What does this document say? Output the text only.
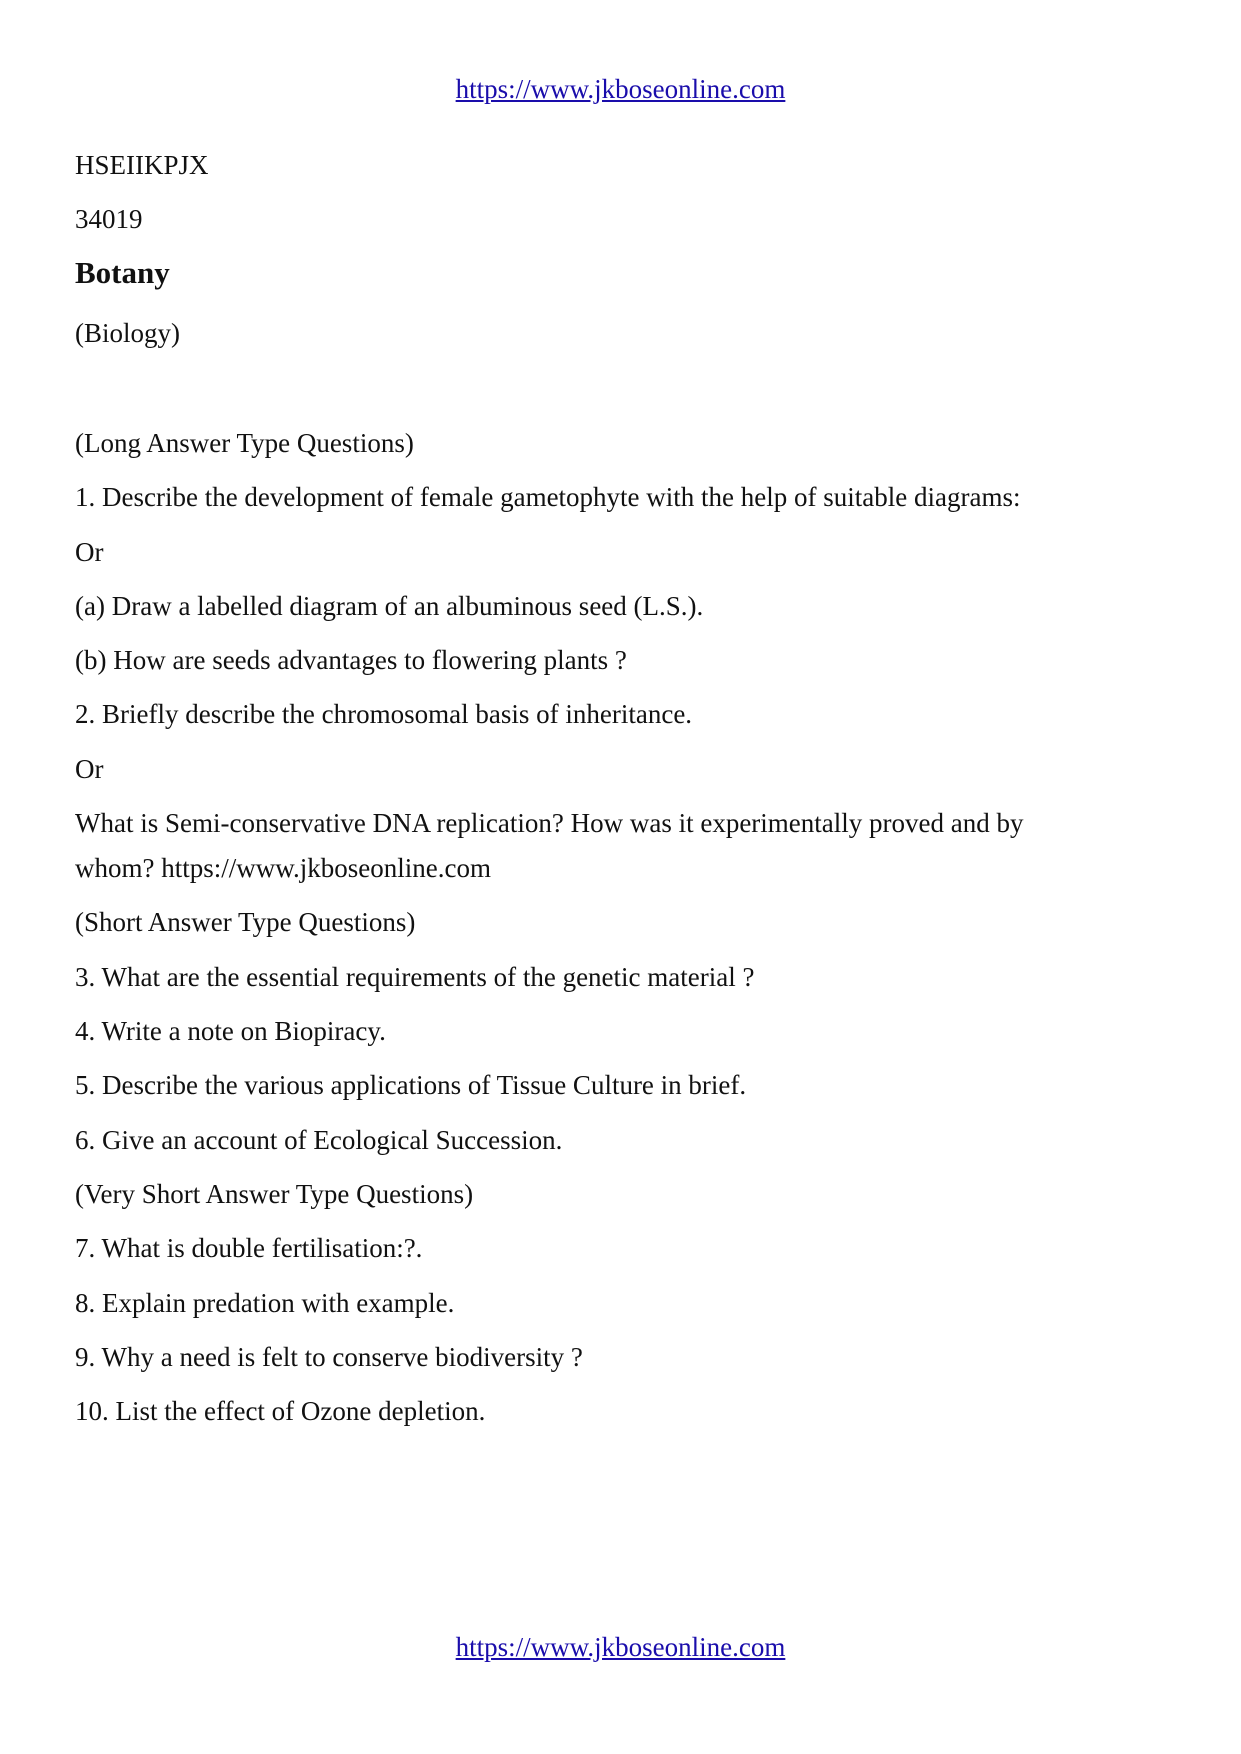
https://www.jkboseonline.com
HSEIIKPJX
34019
Botany
(Biology)
(Long Answer Type Questions)
1. Describe the development of female gametophyte with the help of suitable diagrams:
Or
(a) Draw a labelled diagram of an albuminous seed (L.S.).
(b) How are seeds advantages to flowering plants ?
2. Briefly describe the chromosomal basis of inheritance.
Or
What is Semi-conservative DNA replication? How was it experimentally proved and by
whom? https://www.jkboseonline.com
(Short Answer Type Questions)
3. What are the essential requirements of the genetic material ?
4. Write a note on Biopiracy.
5. Describe the various applications of Tissue Culture in brief.
6. Give an account of Ecological Succession.
(Very Short Answer Type Questions)
7. What is double fertilisation:?.
8. Explain predation with example.
9. Why a need is felt to conserve biodiversity ?
10. List the effect of Ozone depletion.
https://www.jkboseonline.com
